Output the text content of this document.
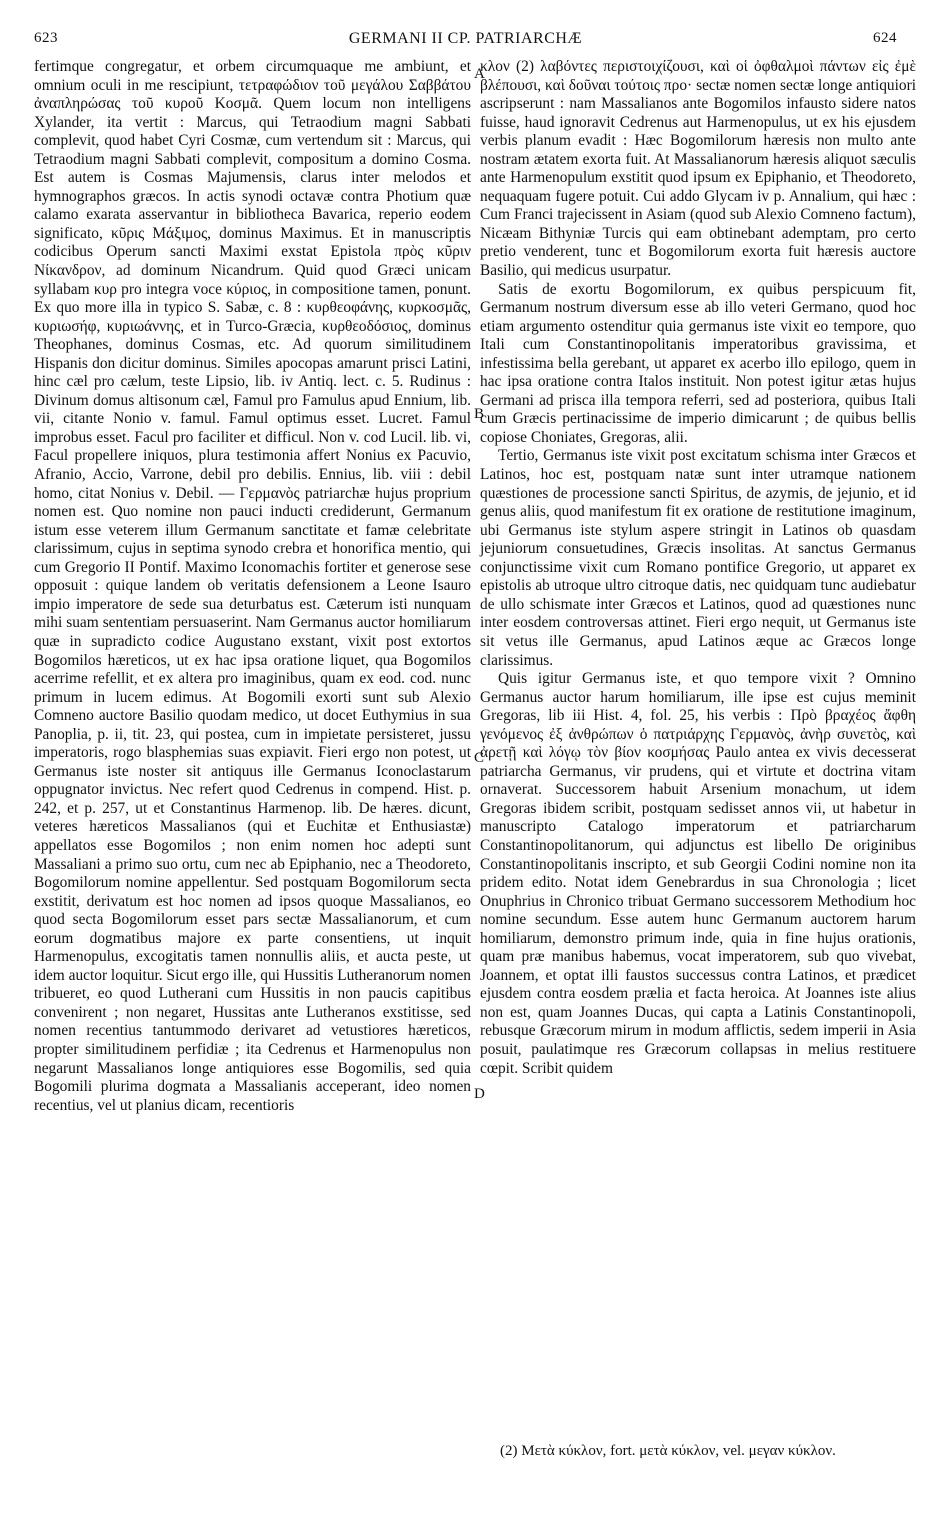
623	GERMANI II CP. PATRIARCHÆ	624

fertimque congregatur, et orbem circumquaque me ambiunt, et omnium oculi in me rescipiunt, τετραφώδιον τοῦ μεγάλου Σαββάτου ἀναπληρώσας τοῦ κυροῦ Κοσμᾶ. Quem locum non intelligens Xylander, ita vertit : Marcus, qui Tetraodium magni Sabbati complevit, quod habet Cyri Cosmæ, cum vertendum sit : Marcus, qui Tetraodium magni Sabbati complevit, compositum a domino Cosma. Est autem is Cosmas Majumensis, clarus inter melodos et hymnographos græcos. In actis synodi octavæ contra Photium quæ calamo exarata asservantur in bibliotheca Bavarica, reperio eodem significato, κῦρις Μάξιμος, dominus Maximus. Et in manuscriptis codicibus Operum sancti Maximi exstat Epistola πρὸς κῦριν Νίκανδρον, ad dominum Nicandrum. Quid quod Græci unicam syllabam κυρ pro integra voce κύριος, in compositione tamen, ponunt. Ex quo more illa in typico S. Sabæ, c. 8 : κυρθεοφάνης, κυρκοσμᾶς, κυριωσήφ, κυριωάννης, et in Turco-Græcia, κυρθεοδόσιος, dominus Theophanes, dominus Cosmas, etc. Ad quorum similitudinem Hispanis don dicitur dominus. Similes apocopas amarunt prisci Latini, hinc cæl pro cælum, teste Lipsio, lib. iv Antiq. lect. c. 5. Rudinus : Divinum domus altisonum cæl, Famul pro Famulus apud Ennium, lib. vii, citante Nonio v. famul. Famul optimus esset. Lucret. Famul improbus esset. Facul pro faciliter et difficul. Non v. cod Lucil. lib. vi, Facul propellere iniquos, plura testimonia affert Nonius ex Pacuvio, Afranio, Accio, Varrone, debil pro debilis. Ennius, lib. viii : debil homo, citat Nonius v. Debil. — Γερμανὸς patriarchæ hujus proprium nomen est. Quo nomine non pauci inducti crediderunt, Germanum istum esse veterem illum Germanum sanctitate et famæ celebritate clarissimum, cujus in septima synodo crebra et honorifica mentio, qui cum Gregorio II Pontif. Maximo Iconomachis fortiter et generose sese opposuit : quique landem ob veritatis defensionem a Leone Isauro impio imperatore de sede sua deturbatus est. Cæterum isti nunquam mihi suam sententiam persuaserint. Nam Germanus auctor homiliarum quæ in supradicto codice Augustano exstant, vixit post extortos Bogomilos hæreticos, ut ex hac ipsa oratione liquet, qua Bogomilos acerrime refellit, et ex altera pro imaginibus, quam ex eod. cod. nunc primum in lucem edimus. At Bogomili exorti sunt sub Alexio Comneno auctore Basilio quodam medico, ut docet Euthymius in sua Panoplia, p. ii, tit. 23, qui postea, cum in impietate persisteret, jussu imperatoris, rogo blasphemias suas expiavit. Fieri ergo non potest, ut Germanus iste noster sit antiquus ille Germanus Iconoclastarum oppugnator invictus. Nec refert quod Cedrenus in compend. Hist. p. 242, et p. 257, ut et Constantinus Harmenop. lib. De hæres. dicunt, veteres hæreticos Massalianos (qui et Euchitæ et Enthusiastæ) appellatos esse Bogomilos ; non enim nomen hoc adepti sunt Massaliani a primo suo ortu, cum nec ab Epiphanio, nec a Theodoreto, Bogomilorum nomine appellentur. Sed postquam Bogomilorum secta exstitit, derivatum est hoc nomen ad ipsos quoque Massalianos, eo quod secta Bogomilorum esset pars sectæ Massalianorum, et cum eorum dogmatibus majore ex parte consentiens, ut inquit Harmenopulus, excogitatis tamen nonnullis aliis, et aucta peste, ut idem auctor loquitur. Sicut ergo ille, qui Hussitis Lutheranorum nomen tribueret, eo quod Lutherani cum Hussitis in non paucis capitibus convenirent ; non negaret, Hussitas ante Lutheranos exstitisse, sed nomen recentius tantummodo derivaret ad vetustiores hæreticos, propter similitudinem perfidiæ ; ita Cedrenus et Harmenopulus non negarunt Massalianos longe antiquiores esse Bogomilis, sed quia Bogomili plurima dogmata a Massalianis acceperant, ideo nomen recentius, vel ut planius dicam, recentioris

A
B
C
D

κλον (2) λαβόντες περιστοιχίζουσι, καὶ οἱ ὀφθαλμοὶ πάντων εἰς ἐμὲ βλέπουσι, καὶ δοῦναι τούτοις προ· sectæ nomen sectæ longe antiquiori ascripserunt : nam Massalianos ante Bogomilos infausto sidere natos fuisse, haud ignoravit Cedrenus aut Harmenopulus, ut ex his ejusdem verbis planum evadit : Hæc Bogomilorum hæresis non multo ante nostram ætatem exorta fuit. At Massalianorum hæresis aliquot sæculis ante Harmenopulum exstitit quod ipsum ex Epiphanio, et Theodoreto, nequaquam fugere potuit. Cui addo Glycam iv p. Annalium, qui hæc : Cum Franci trajecissent in Asiam (quod sub Alexio Comneno factum), Nicæam Bithyniæ Turcis qui eam obtinebant ademptam, pro certo pretio venderent, tunc et Bogomilorum exorta fuit hæresis auctore Basilio, qui medicus usurpatur.

Satis de exortu Bogomilorum, ex quibus perspicuum fit, Germanum nostrum diversum esse ab illo veteri Germano, quod hoc etiam argumento ostenditur quia germanus iste vixit eo tempore, quo Itali cum Constantinopolitanis imperatoribus gravissima, et infestissima bella gerebant, ut apparet ex acerbo illo epilogo, quem in hac ipsa oratione contra Italos instituit. Non potest igitur ætas hujus Germani ad prisca illa tempora referri, sed ad posteriora, quibus Itali cum Græcis pertinacissime de imperio dimicarunt ; de quibus bellis copiose Choniates, Gregoras, alii.

Tertio, Germanus iste vixit post excitatum schisma inter Græcos et Latinos, hoc est, postquam natæ sunt inter utramque nationem quæstiones de processione sancti Spiritus, de azymis, de jejunio, et id genus aliis, quod manifestum fit ex oratione de restitutione imaginum, ubi Germanus iste stylum aspere stringit in Latinos ob quasdam jejuniorum consuetudines, Græcis insolitas. At sanctus Germanus conjunctissime vixit cum Romano pontifice Gregorio, ut apparet ex epistolis ab utroque ultro citroque datis, nec quidquam tunc audiebatur de ullo schismate inter Græcos et Latinos, quod ad quæstiones nunc inter eosdem controversas attinet. Fieri ergo nequit, ut Germanus iste sit vetus ille Germanus, apud Latinos æque ac Græcos longe clarissimus.

Quis igitur Germanus iste, et quo tempore vixit ? Omnino Germanus auctor harum homiliarum, ille ipse est cujus meminit Gregoras, lib iii Hist. 4, fol. 25, his verbis : Πρὸ βραχέος ἄφθη γενόμενος ἐξ ἀνθρώπων ὁ πατριάρχης Γερμανὸς, ἀνὴρ συνετὸς, καὶ ἀρετῇ καὶ λόγῳ τὸν βίον κοσμήσας Paulo antea ex vivis decesserat patriarcha Germanus, vir prudens, qui et virtute et doctrina vitam ornaverat. Successorem habuit Arsenium monachum, ut idem Gregoras ibidem scribit, postquam sedisset annos vii, ut habetur in manuscripto Catalogo imperatorum et patriarcharum Constantinopolitanorum, qui adjunctus est libello De originibus Constantinopolitanis inscripto, et sub Georgii Codini nomine non ita pridem edito. Notat idem Genebrardus in sua Chronologia ; licet Onuphrius in Chronico tribuat Germano successorem Methodium hoc nomine secundum. Esse autem hunc Germanum auctorem harum homiliarum, demonstro primum inde, quia in fine hujus orationis, quam præ manibus habemus, vocat imperatorem, sub quo vivebat, Joannem, et optat illi faustos successus contra Latinos, et prædicet ejusdem contra eosdem prælia et facta heroica. At Joannes iste alius non est, quam Joannes Ducas, qui capta a Latinis Constantinopoli, rebusque Græcorum mirum in modum afflictis, sedem imperii in Asia posuit, paulatimque res Græcorum collapsas in melius restituere cœpit. Scribit quidem

(2) Μετὰ κύκλον, fort. μετὰ κύκλον, vel. μεγαν κύκλον.
